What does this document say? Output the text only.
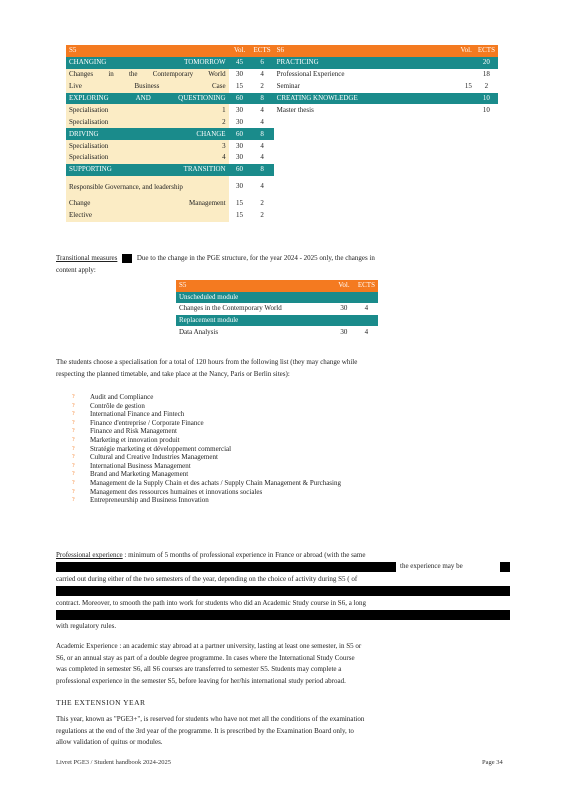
S5	Vol.	ECTS	S6	Vol.	ECTS
CHANGING TOMORROW	45	6	PRACTICING		20
Changes in the Contemporary World	30	4	Professional Experience		18
Live Business Case	15	2	Seminar	15	2
EXPLORING AND QUESTIONING	60	8	CREATING KNOWLEDGE		10
Specialisation 1	30	4	Master thesis		10
Specialisation 2	30	4			
DRIVING CHANGE	60	8			
Specialisation 3	30	4			
Specialisation 4	30	4			
SUPPORTING TRANSITION	60	8			
Responsible Governance, and leadership	30	4			
Change Management	15	2			
Elective	15	2			

Transitional measures	Due to the change in the PGE structure, for the year 2024 - 2025 only, the changes in
content apply:

S5	Vol.	ECTS
Unscheduled module		
Changes in the Contemporary World	30	4
Replacement module		
Data Analysis	30	4

The students choose a specialisation for a total of 120 hours from the following list (they may change while
respecting the planned timetable, and take place at the Nancy, Paris or Berlin sites):

? Audit and Compliance
? Contrôle de gestion
? International Finance and Fintech
? Finance d'entreprise / Corporate Finance
? Finance and Risk Management
? Marketing et innovation produit
? Stratégie marketing et développement commercial
? Cultural and Creative Industries Management
? International Business Management
? Brand and Marketing Management
? Management de la Supply Chain et des achats / Supply Chain Management & Purchasing
? Management des ressources humaines et innovations sociales
? Entrepreneurship and Business Innovation

Professional experience : minimum of 5 months of professional experience in France or abroad (with the same

the experience may be

carried out during either of the two semesters of the year, depending on the choice of activity during S5 ( of

contract. Moreover, to smooth the path into work for students who did an Academic Study course in S6, a long

with regulatory rules.

Academic Experience : an academic stay abroad at a partner university, lasting at least one semester, in S5 or
S6, or an annual stay as part of a double degree programme. In cases where the International Study Course
was completed in semester S6, all S6 courses are transferred to semester S5. Students may complete a
professional experience in the semester S5, before leaving for her/his international study period abroad.

THE EXTENSION YEAR

This year, known as "PGE3+", is reserved for students who have not met all the conditions of the examination
regulations at the end of the 3rd year of the programme. It is prescribed by the Examination Board only, to
allow validation of quitus or modules.

Livret PGE3 / Student handbook 2024-2025	Page 34
